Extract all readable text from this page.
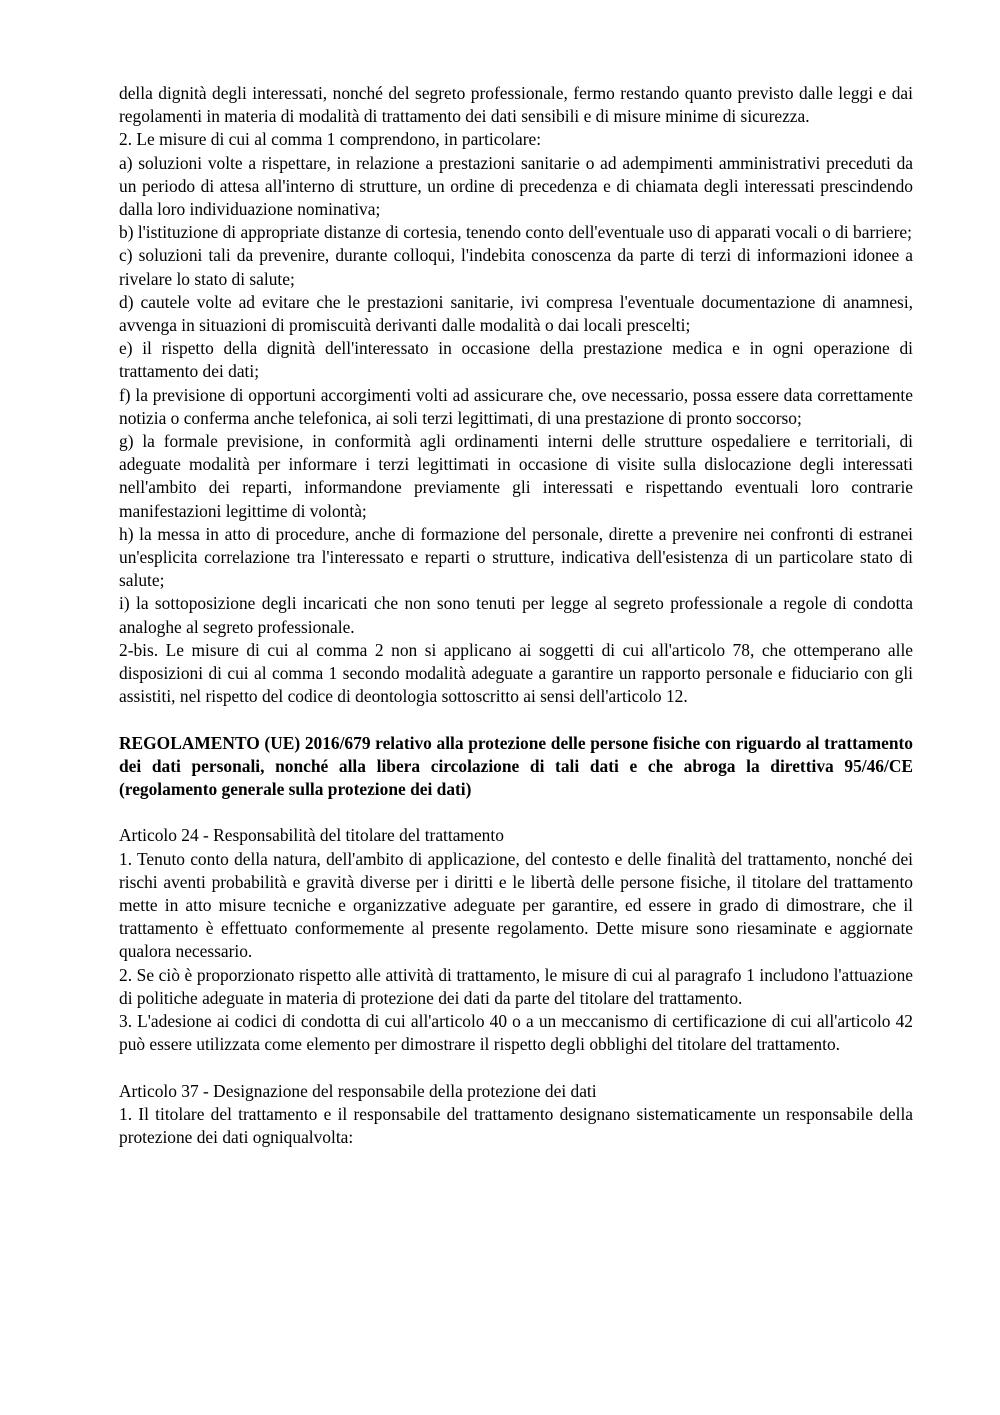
della dignità degli interessati, nonché del segreto professionale, fermo restando quanto previsto dalle leggi e dai regolamenti in materia di modalità di trattamento dei dati sensibili e di misure minime di sicurezza.

2. Le misure di cui al comma 1 comprendono, in particolare:

a) soluzioni volte a rispettare, in relazione a prestazioni sanitarie o ad adempimenti amministrativi preceduti da un periodo di attesa all'interno di strutture, un ordine di precedenza e di chiamata degli interessati prescindendo dalla loro individuazione nominativa;

b) l'istituzione di appropriate distanze di cortesia, tenendo conto dell'eventuale uso di apparati vocali o di barriere;

c) soluzioni tali da prevenire, durante colloqui, l'indebita conoscenza da parte di terzi di informazioni idonee a rivelare lo stato di salute;

d) cautele volte ad evitare che le prestazioni sanitarie, ivi compresa l'eventuale documentazione di anamnesi, avvenga in situazioni di promiscuità derivanti dalle modalità o dai locali prescelti;

e) il rispetto della dignità dell'interessato in occasione della prestazione medica e in ogni operazione di trattamento dei dati;

f) la previsione di opportuni accorgimenti volti ad assicurare che, ove necessario, possa essere data correttamente notizia o conferma anche telefonica, ai soli terzi legittimati, di una prestazione di pronto soccorso;

g) la formale previsione, in conformità agli ordinamenti interni delle strutture ospedaliere e territoriali, di adeguate modalità per informare i terzi legittimati in occasione di visite sulla dislocazione degli interessati nell'ambito dei reparti, informandone previamente gli interessati e rispettando eventuali loro contrarie manifestazioni legittime di volontà;

h) la messa in atto di procedure, anche di formazione del personale, dirette a prevenire nei confronti di estranei un'esplicita correlazione tra l'interessato e reparti o strutture, indicativa dell'esistenza di un particolare stato di salute;

i) la sottoposizione degli incaricati che non sono tenuti per legge al segreto professionale a regole di condotta analoghe al segreto professionale.

2-bis. Le misure di cui al comma 2 non si applicano ai soggetti di cui all'articolo 78, che ottemperano alle disposizioni di cui al comma 1 secondo modalità adeguate a garantire un rapporto personale e fiduciario con gli assistiti, nel rispetto del codice di deontologia sottoscritto ai sensi dell'articolo 12.

REGOLAMENTO (UE) 2016/679 relativo alla protezione delle persone fisiche con riguardo al trattamento dei dati personali, nonché alla libera circolazione di tali dati e che abroga la direttiva 95/46/CE (regolamento generale sulla protezione dei dati)

Articolo 24 - Responsabilità del titolare del trattamento

1. Tenuto conto della natura, dell'ambito di applicazione, del contesto e delle finalità del trattamento, nonché dei rischi aventi probabilità e gravità diverse per i diritti e le libertà delle persone fisiche, il titolare del trattamento mette in atto misure tecniche e organizzative adeguate per garantire, ed essere in grado di dimostrare, che il trattamento è effettuato conformemente al presente regolamento. Dette misure sono riesaminate e aggiornate qualora necessario.

2. Se ciò è proporzionato rispetto alle attività di trattamento, le misure di cui al paragrafo 1 includono l'attuazione di politiche adeguate in materia di protezione dei dati da parte del titolare del trattamento.

3. L'adesione ai codici di condotta di cui all'articolo 40 o a un meccanismo di certificazione di cui all'articolo 42 può essere utilizzata come elemento per dimostrare il rispetto degli obblighi del titolare del trattamento.

Articolo 37 - Designazione del responsabile della protezione dei dati

1. Il titolare del trattamento e il responsabile del trattamento designano sistematicamente un responsabile della protezione dei dati ogniqualvolta:
